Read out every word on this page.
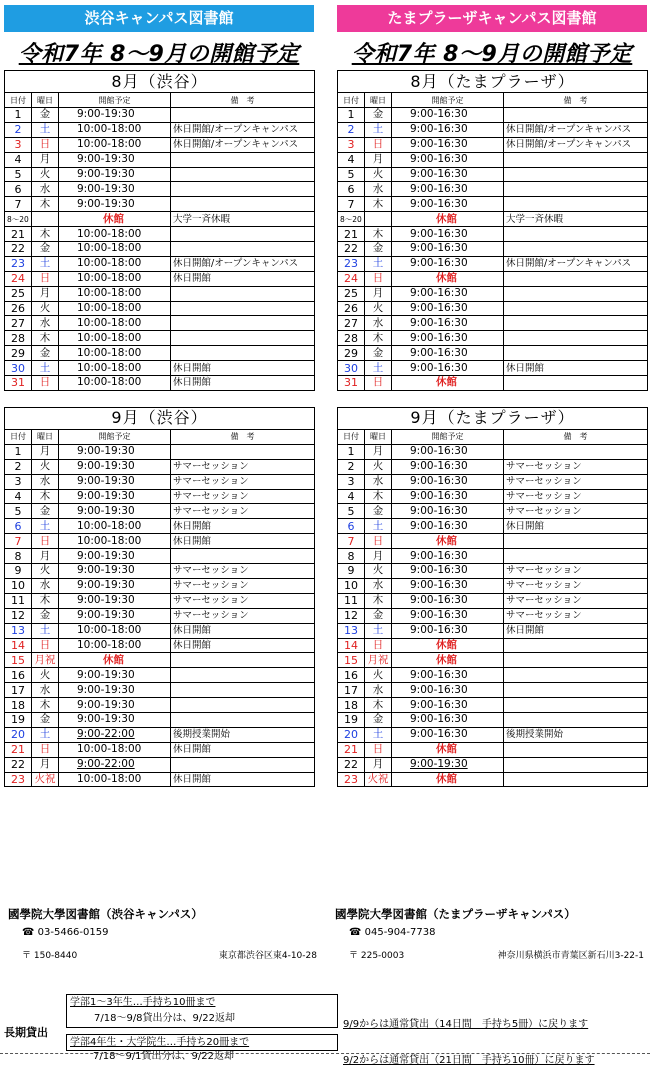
渋谷キャンパス図書館
令和7年 8～9月の開館予定
8月（渋谷）			
日付	曜日	開館予定	備　考
1	金	9:00-19:30	
2	土	10:00-18:00	休日開館/オープンキャンパス
3	日	10:00-18:00	休日開館/オープンキャンパス
4	月	9:00-19:30	
5	火	9:00-19:30	
6	水	9:00-19:30	
7	木	9:00-19:30	
8～20		休館	大学一斉休暇
21	木	10:00-18:00	
22	金	10:00-18:00	
23	土	10:00-18:00	休日開館/オープンキャンパス
24	日	10:00-18:00	休日開館
25	月	10:00-18:00	
26	火	10:00-18:00	
27	水	10:00-18:00	
28	木	10:00-18:00	
29	金	10:00-18:00	
30	土	10:00-18:00	休日開館
31	日	10:00-18:00	休日開館
9月（渋谷）			
日付	曜日	開館予定	備　考
1	月	9:00-19:30	
2	火	9:00-19:30	サマーセッション
3	水	9:00-19:30	サマーセッション
4	木	9:00-19:30	サマーセッション
5	金	9:00-19:30	サマーセッション
6	土	10:00-18:00	休日開館
7	日	10:00-18:00	休日開館
8	月	9:00-19:30	
9	火	9:00-19:30	サマーセッション
10	水	9:00-19:30	サマーセッション
11	木	9:00-19:30	サマーセッション
12	金	9:00-19:30	サマーセッション
13	土	10:00-18:00	休日開館
14	日	10:00-18:00	休日開館
15	月祝	休館	
16	火	9:00-19:30	
17	水	9:00-19:30	
18	木	9:00-19:30	
19	金	9:00-19:30	
20	土	9:00-22:00	後期授業開始
21	日	10:00-18:00	休日開館
22	月	9:00-22:00	
23	火祝	10:00-18:00	休日開館
たまプラーザキャンパス図書館
令和7年 8～9月の開館予定
8月（たまプラーザ）			
日付	曜日	開館予定	備　考
1	金	9:00-16:30	
2	土	9:00-16:30	休日開館/オープンキャンパス
3	日	9:00-16:30	休日開館/オープンキャンパス
4	月	9:00-16:30	
5	火	9:00-16:30	
6	水	9:00-16:30	
7	木	9:00-16:30	
8～20		休館	大学一斉休暇
21	木	9:00-16:30	
22	金	9:00-16:30	
23	土	9:00-16:30	休日開館/オープンキャンパス
24	日	休館	
25	月	9:00-16:30	
26	火	9:00-16:30	
27	水	9:00-16:30	
28	木	9:00-16:30	
29	金	9:00-16:30	
30	土	9:00-16:30	休日開館
31	日	休館	
9月（たまプラーザ）			
日付	曜日	開館予定	備　考
1	月	9:00-16:30	
2	火	9:00-16:30	サマーセッション
3	水	9:00-16:30	サマーセッション
4	木	9:00-16:30	サマーセッション
5	金	9:00-16:30	サマーセッション
6	土	9:00-16:30	休日開館
7	日	休館	
8	月	9:00-16:30	
9	火	9:00-16:30	サマーセッション
10	水	9:00-16:30	サマーセッション
11	木	9:00-16:30	サマーセッション
12	金	9:00-16:30	サマーセッション
13	土	9:00-16:30	休日開館
14	日	休館	
15	月祝	休館	
16	火	9:00-16:30	
17	水	9:00-16:30	
18	木	9:00-16:30	
19	金	9:00-16:30	
20	土	9:00-16:30	後期授業開始
21	日	休館	
22	月	9:00-19:30	
23	火祝	休館	
國學院大學図書館（渋谷キャンパス）
☎ 03-5466-0159
〒 150-8440	東京都渋谷区東4-10-28
國學院大學図書館（たまプラーザキャンパス）
☎ 045-904-7738
〒 225-0003	神奈川県横浜市青葉区新石川3-22-1
長期貸出
学部1～3年生…手持ち10冊まで
7/18～9/8貸出分は、9/22返却
9/9からは通常貸出（14日間　手持ち5冊）に戻ります
学部4年生・大学院生…手持ち20冊まで
7/18～9/1貸出分は、9/22返却	9/2からは通常貸出（21日間　手持ち10冊）に戻ります
